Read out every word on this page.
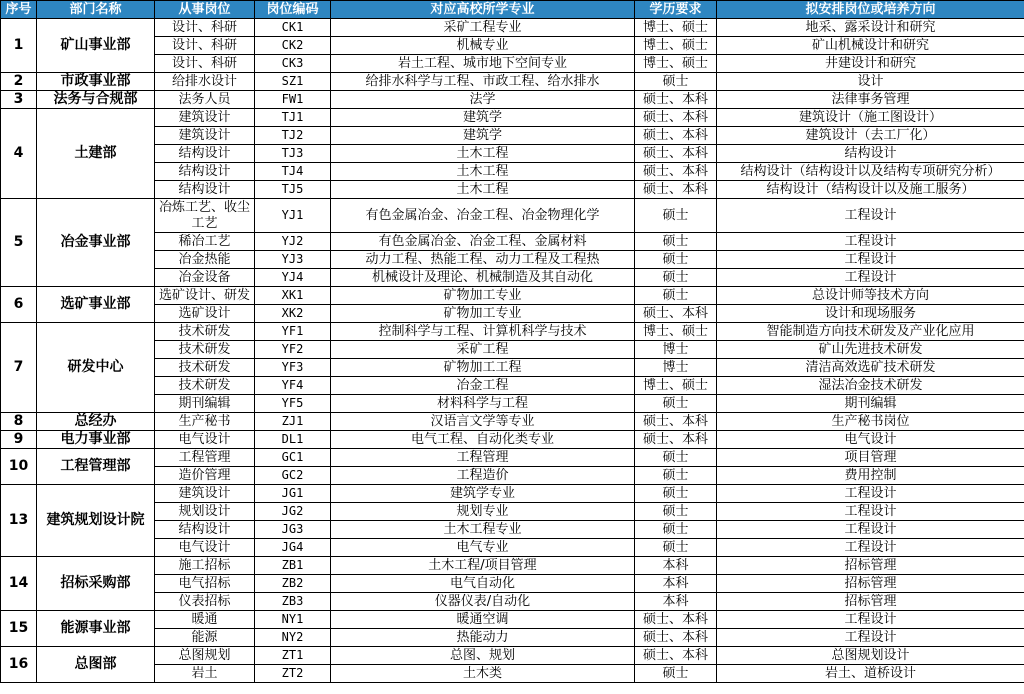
序号	部门名称	从事岗位	岗位编码	对应高校所学专业	学历要求	拟安排岗位或培养方向
1	矿山事业部	设计、科研	CK1	采矿工程专业	博士、硕士	地采、露采设计和研究
		设计、科研	CK2	机械专业	博士、硕士	矿山机械设计和研究
		设计、科研	CK3	岩土工程、城市地下空间专业	博士、硕士	井建设计和研究
2	市政事业部	给排水设计	SZ1	给排水科学与工程、市政工程、给水排水	硕士	设计
3	法务与合规部	法务人员	FW1	法学	硕士、本科	法律事务管理
4	土建部	建筑设计	TJ1	建筑学	硕士、本科	建筑设计（施工图设计）
		建筑设计	TJ2	建筑学	硕士、本科	建筑设计（去工厂化）
		结构设计	TJ3	土木工程	硕士、本科	结构设计
		结构设计	TJ4	土木工程	硕士、本科	结构设计（结构设计以及结构专项研究分析）
		结构设计	TJ5	土木工程	硕士、本科	结构设计（结构设计以及施工服务）
5	冶金事业部	冶炼工艺、收尘工艺	YJ1	有色金属冶金、冶金工程、冶金物理化学	硕士	工程设计
		稀冶工艺	YJ2	有色金属冶金、冶金工程、金属材料	硕士	工程设计
		冶金热能	YJ3	动力工程、热能工程、动力工程及工程热	硕士	工程设计
		冶金设备	YJ4	机械设计及理论、机械制造及其自动化	硕士	工程设计
6	选矿事业部	选矿设计、研发	XK1	矿物加工专业	硕士	总设计师等技术方向
		选矿设计	XK2	矿物加工专业	硕士、本科	设计和现场服务
7	研发中心	技术研发	YF1	控制科学与工程、计算机科学与技术	博士、硕士	智能制造方向技术研发及产业化应用
		技术研发	YF2	采矿工程	博士	矿山先进技术研发
		技术研发	YF3	矿物加工工程	博士	清洁高效选矿技术研发
		技术研发	YF4	冶金工程	博士、硕士	湿法冶金技术研发
		期刊编辑	YF5	材料科学与工程	硕士	期刊编辑
8	总经办	生产秘书	ZJ1	汉语言文学等专业	硕士、本科	生产秘书岗位
9	电力事业部	电气设计	DL1	电气工程、自动化类专业	硕士、本科	电气设计
10	工程管理部	工程管理	GC1	工程管理	硕士	项目管理
		造价管理	GC2	工程造价	硕士	费用控制
13	建筑规划设计院	建筑设计	JG1	建筑学专业	硕士	工程设计
		规划设计	JG2	规划专业	硕士	工程设计
		结构设计	JG3	土木工程专业	硕士	工程设计
		电气设计	JG4	电气专业	硕士	工程设计
14	招标采购部	施工招标	ZB1	土木工程/项目管理	本科	招标管理
		电气招标	ZB2	电气自动化	本科	招标管理
		仪表招标	ZB3	仪器仪表/自动化	本科	招标管理
15	能源事业部	暖通	NY1	暖通空调	硕士、本科	工程设计
		能源	NY2	热能动力	硕士、本科	工程设计
16	总图部	总图规划	ZT1	总图、规划	硕士、本科	总图规划设计
		岩土	ZT2	土木类	硕士	岩土、道桥设计
